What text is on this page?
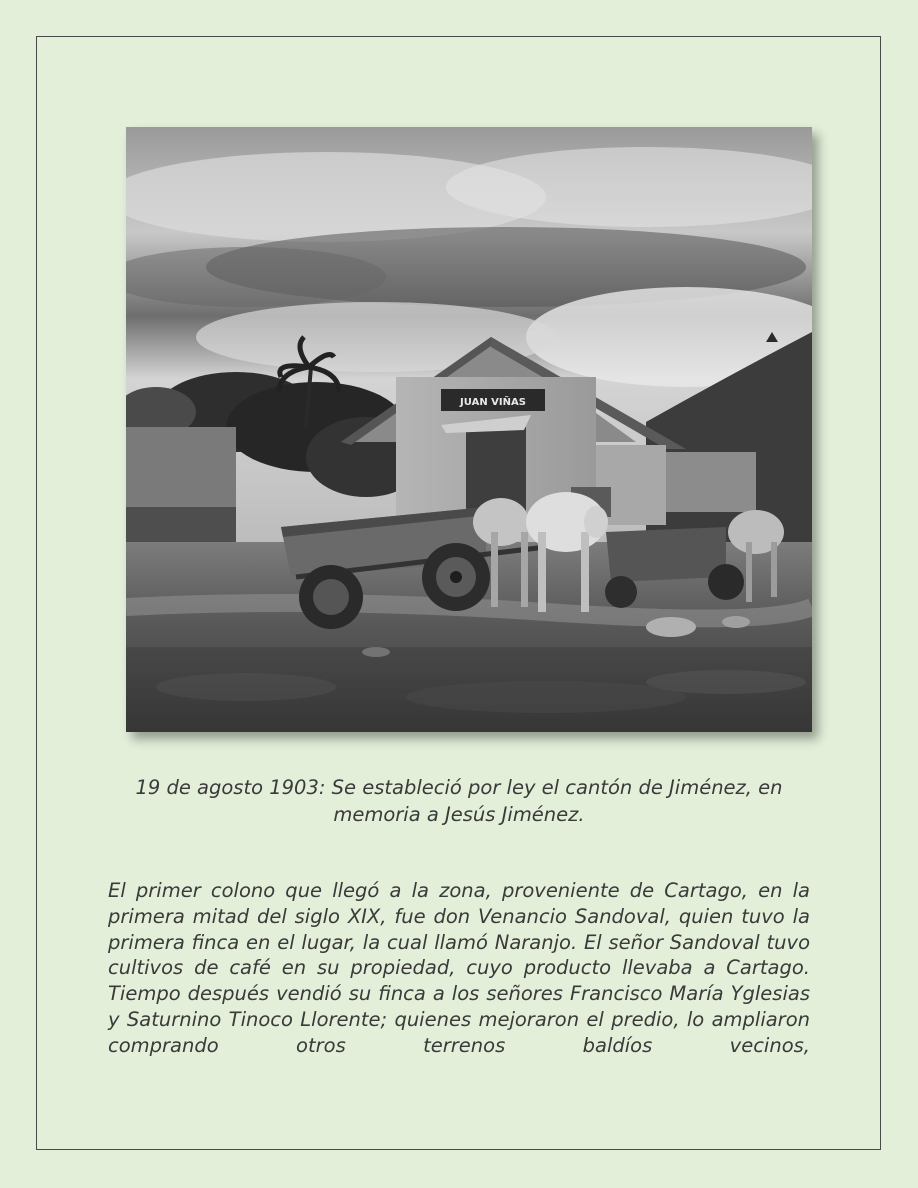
JUAN VIÑAS

19 de agosto 1903: Se estableció por ley el cantón de Jiménez, en
memoria a Jesús Jiménez.

El primer colono que llegó a la zona, proveniente de Cartago, en la primera mitad del siglo XIX, fue don Venancio Sandoval, quien tuvo la primera finca en el lugar, la cual llamó Naranjo. El señor Sandoval tuvo cultivos de café en su propiedad, cuyo producto llevaba a Cartago. Tiempo después vendió su finca a los señores Francisco María Yglesias y Saturnino Tinoco Llorente; quienes mejoraron el predio, lo ampliaron comprando otros terrenos baldíos vecinos,
